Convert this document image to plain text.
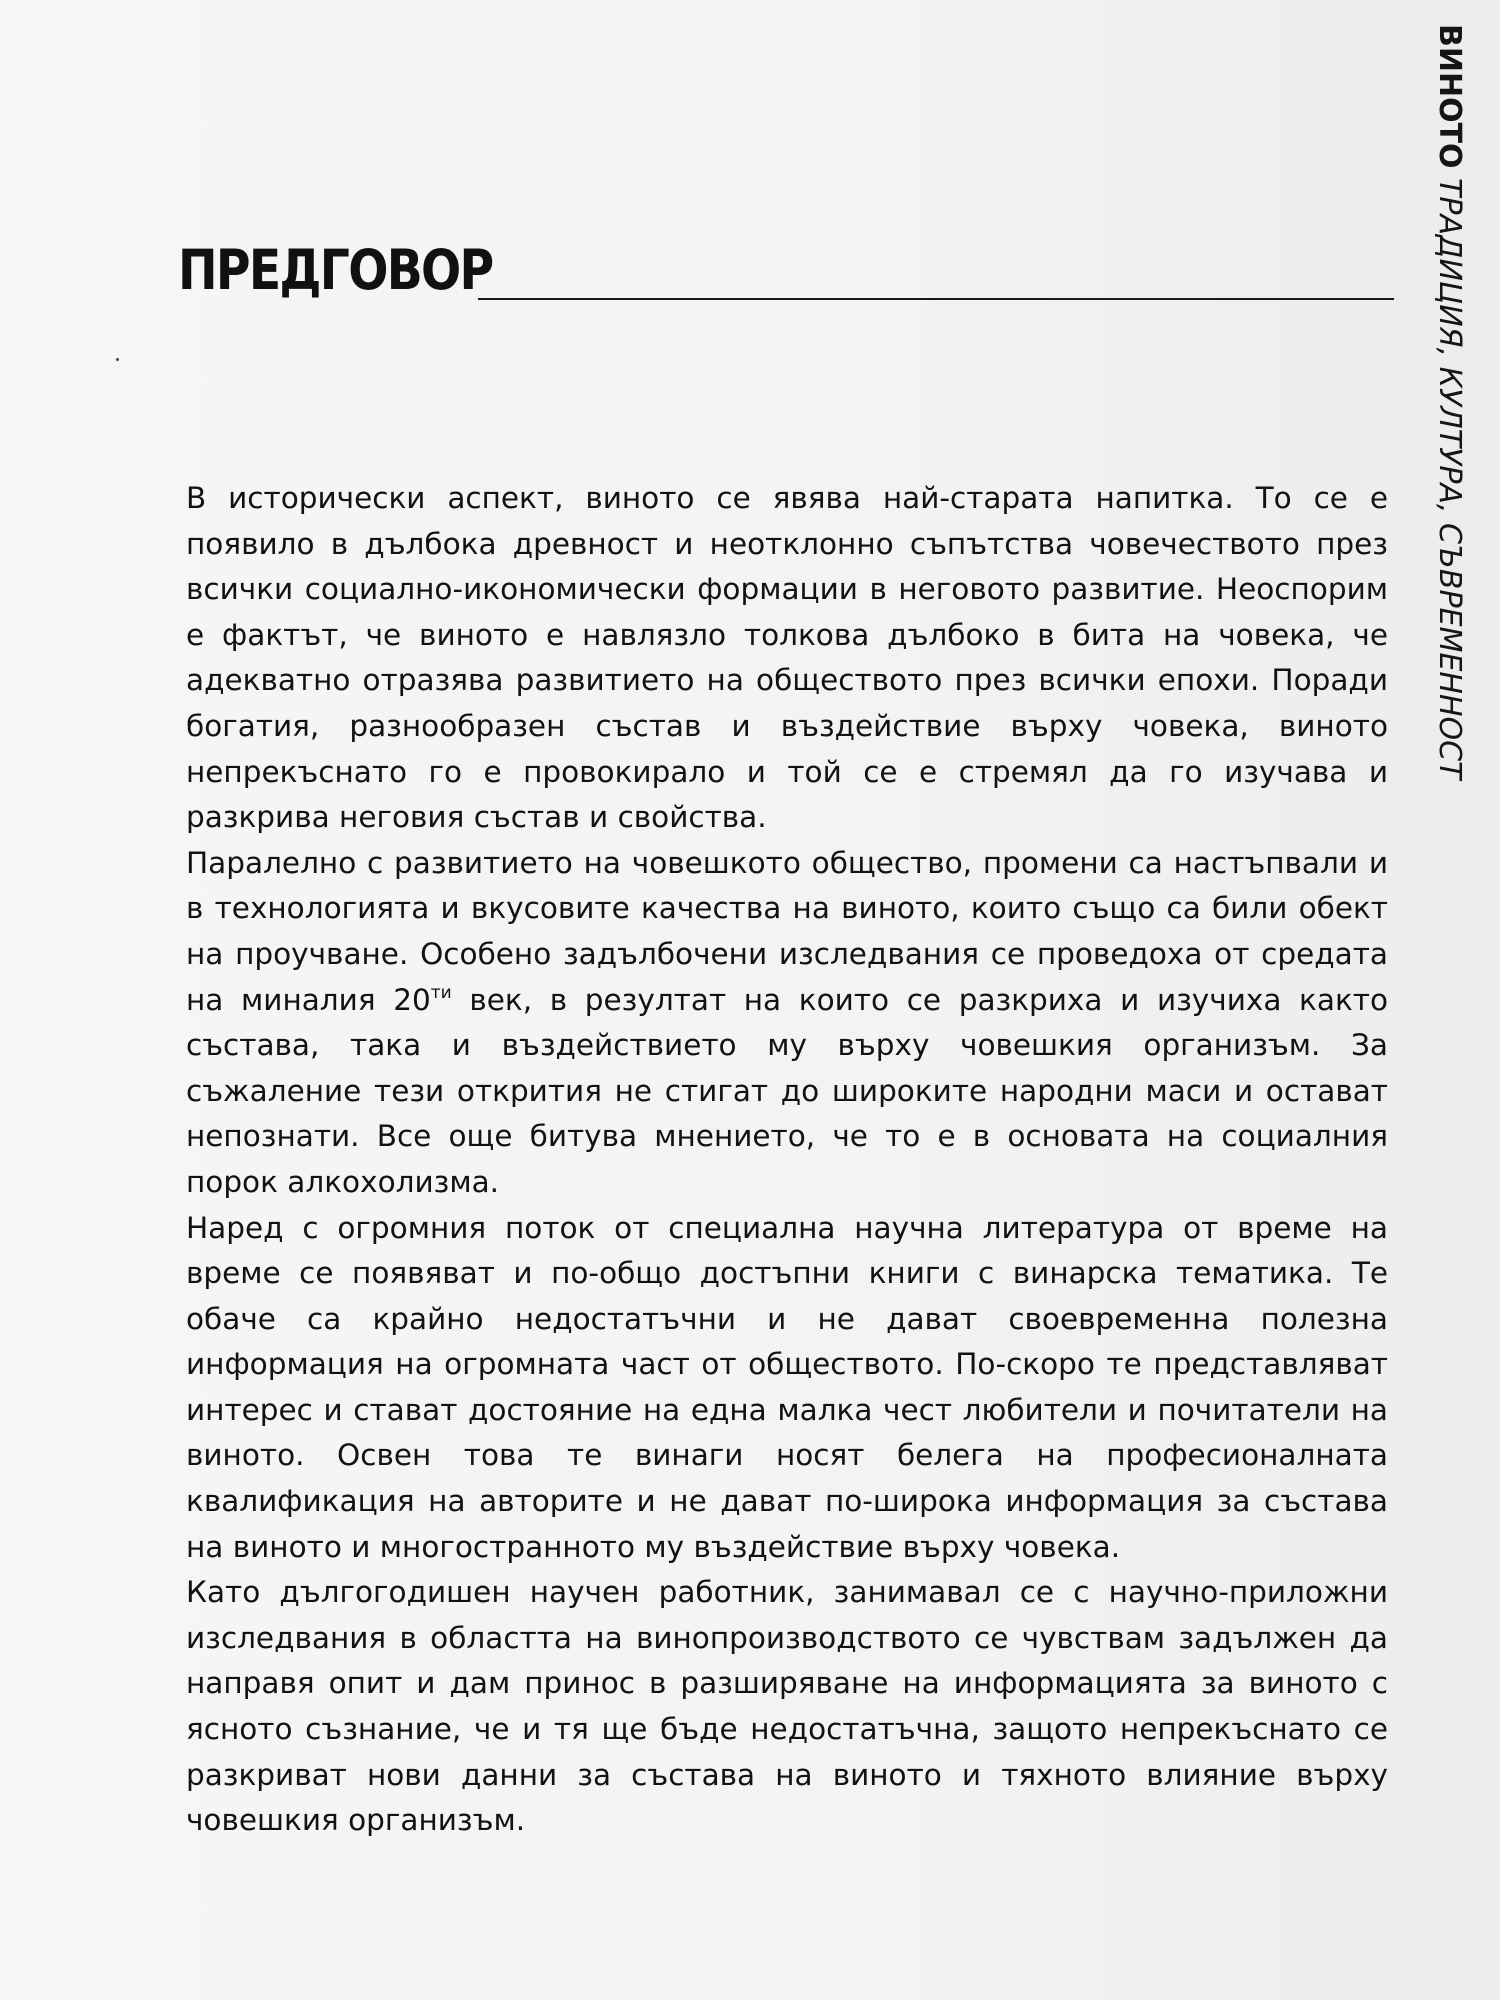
ПРЕДГОВОР
ВИНОТО ТРАДИЦИЯ, КУЛТУРА, СЪВРЕМЕННОСТ

В исторически аспект, виното се явява най-старата напитка. То се е появило в дълбока древност и неотклонно съпътства човечеството през всички социално-икономически формации в неговото развитие. Неоспорим е фактът, че виното е навлязло толкова дълбоко в бита на човека, че адекватно отразява развитието на обществото през всички епохи. Поради богатия, разнообразен състав и въздействие върху човека, виното непрекъснато го е провокирало и той се е стремял да го изучава и разкрива неговия състав и свойства.

Паралелно с развитието на човешкото общество, промени са настъпвали и в технологията и вкусовите качества на виното, които също са били обект на проучване. Особено задълбочени изследвания се проведоха от средата на миналия $20^{ти}$ век, в резултат на които се разкриха и изучиха както състава, така и въздействието му върху човешкия организъм. За съжаление тези открития не стигат до широките народни маси и остават непознати. Все още битува мнението, че то е в основата на социалния порок алкохолизма.

Наред с огромния поток от специална научна литература от време на време се появяват и по-общо достъпни книги с винарска тематика. Те обаче са крайно недостатъчни и не дават своевременна полезна информация на огромната част от обществото. По-скоро те представляват интерес и стават достояние на една малка чест любители и почитатели на виното. Освен това те винаги носят белега на професионалната квалификация на авторите и не дават по-широка информация за състава на виното и многостранното му въздействие върху човека.

Като дългогодишен научен работник, занимавал се с научно-приложни изследвания в областта на винопроизводството се чувствам задължен да направя опит и дам принос в разширяване на информацията за виното с ясното съзнание, че и тя ще бъде недостатъчна, защото непрекъснато се разкриват нови данни за състава на виното и тяхното влияние върху човешкия организъм.
